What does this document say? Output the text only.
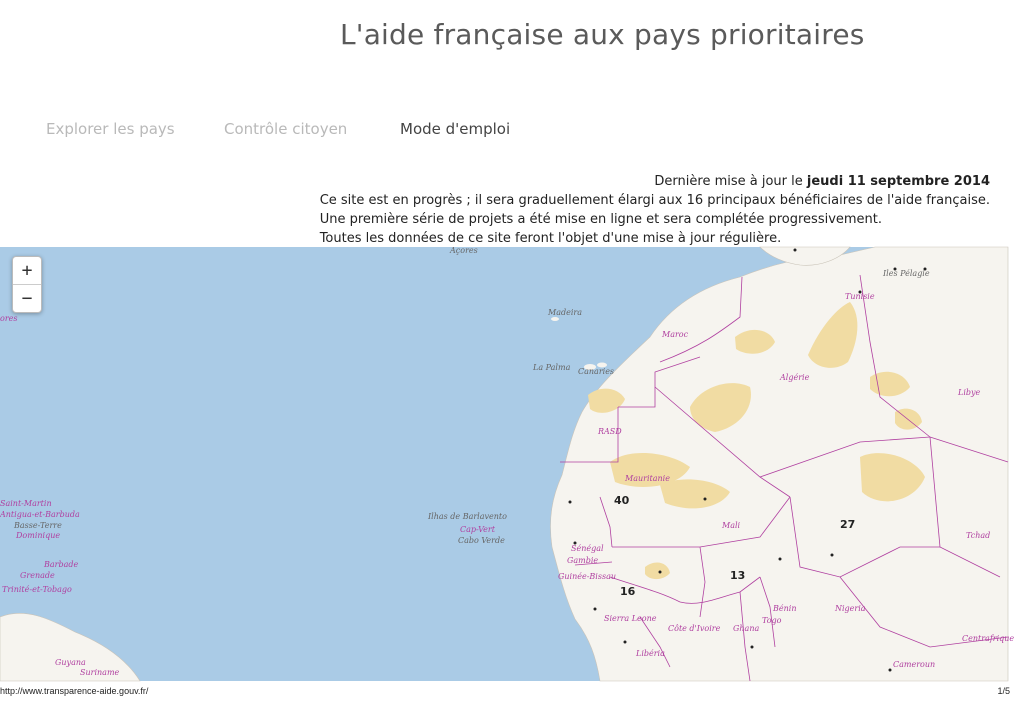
L'aide française aux pays prioritaires
Explorer les pays	Contrôle citoyen	Mode d'emploi
Dernière mise à jour le jeudi 11 septembre 2014
Ce site est en progrès ; il sera graduellement élargi aux 16 principaux bénéficiaires de l'aide française.
Une première série de projets a été mise en ligne et sera complétée progressivement.
Toutes les données de ce site feront l'objet d'une mise à jour régulière.
+
−
Açores
Madeira
La Palma Canaries
Maroc
Algérie
Libye
Tunisie
Iles Pélagie
RASD
Mauritanie
Mali
Tchad
Sénégal
Gambie
Guinée-Bissau
Sierra Leone
Côte d'Ivoire Ghana
Bénin
Togo
Nigeria
Libéria
Cameroun
Centrafrique
Ilhas de Barlavento
Cap-Vert
Cabo Verde
Saint-Martin
Antigua-et-Barbuda
Basse-Terre
Dominique
Barbade
Grenade
Trinité-et-Tobago
Guyana
Suriname
ores
40
27
16
13
http://www.transparence-aide.gouv.fr/	1/5
